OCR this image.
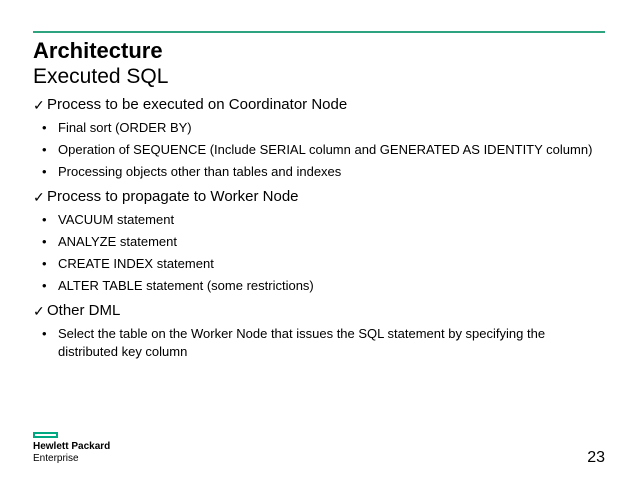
Architecture
Executed SQL
✓ Process to be executed on Coordinator Node
• Final sort (ORDER BY)
• Operation of SEQUENCE (Include SERIAL column and GENERATED AS IDENTITY column)
• Processing objects other than tables and indexes
✓ Process to propagate to Worker Node
• VACUUM statement
• ANALYZE statement
• CREATE INDEX statement
• ALTER TABLE statement (some restrictions)
✓ Other DML
• Select the table on the Worker Node that issues the SQL statement by specifying the distributed key column
Hewlett Packard
Enterprise	23
